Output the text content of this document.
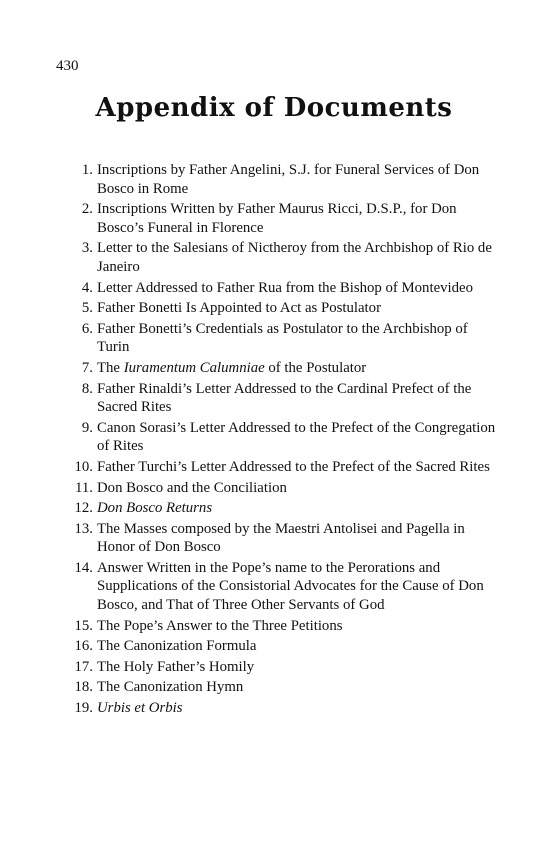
430
Appendix of Documents
1. Inscriptions by Father Angelini, S.J. for Funeral Services of Don Bosco in Rome
2. Inscriptions Written by Father Maurus Ricci, D.S.P., for Don Bosco’s Funeral in Florence
3. Letter to the Salesians of Nictheroy from the Archbishop of Rio de Janeiro
4. Letter Addressed to Father Rua from the Bishop of Montevideo
5. Father Bonetti Is Appointed to Act as Postulator
6. Father Bonetti’s Credentials as Postulator to the Archbishop of Turin
7. The Iuramentum Calumniae of the Postulator
8. Father Rinaldi’s Letter Addressed to the Cardinal Prefect of the Sacred Rites
9. Canon Sorasi’s Letter Addressed to the Prefect of the Congregation of Rites
10. Father Turchi’s Letter Addressed to the Prefect of the Sacred Rites
11. Don Bosco and the Conciliation
12. Don Bosco Returns
13. The Masses composed by the Maestri Antolisei and Pagella in Honor of Don Bosco
14. Answer Written in the Pope’s name to the Perorations and Supplications of the Consistorial Advocates for the Cause of Don Bosco, and That of Three Other Servants of God
15. The Pope’s Answer to the Three Petitions
16. The Canonization Formula
17. The Holy Father’s Homily
18. The Canonization Hymn
19. Urbis et Orbis
